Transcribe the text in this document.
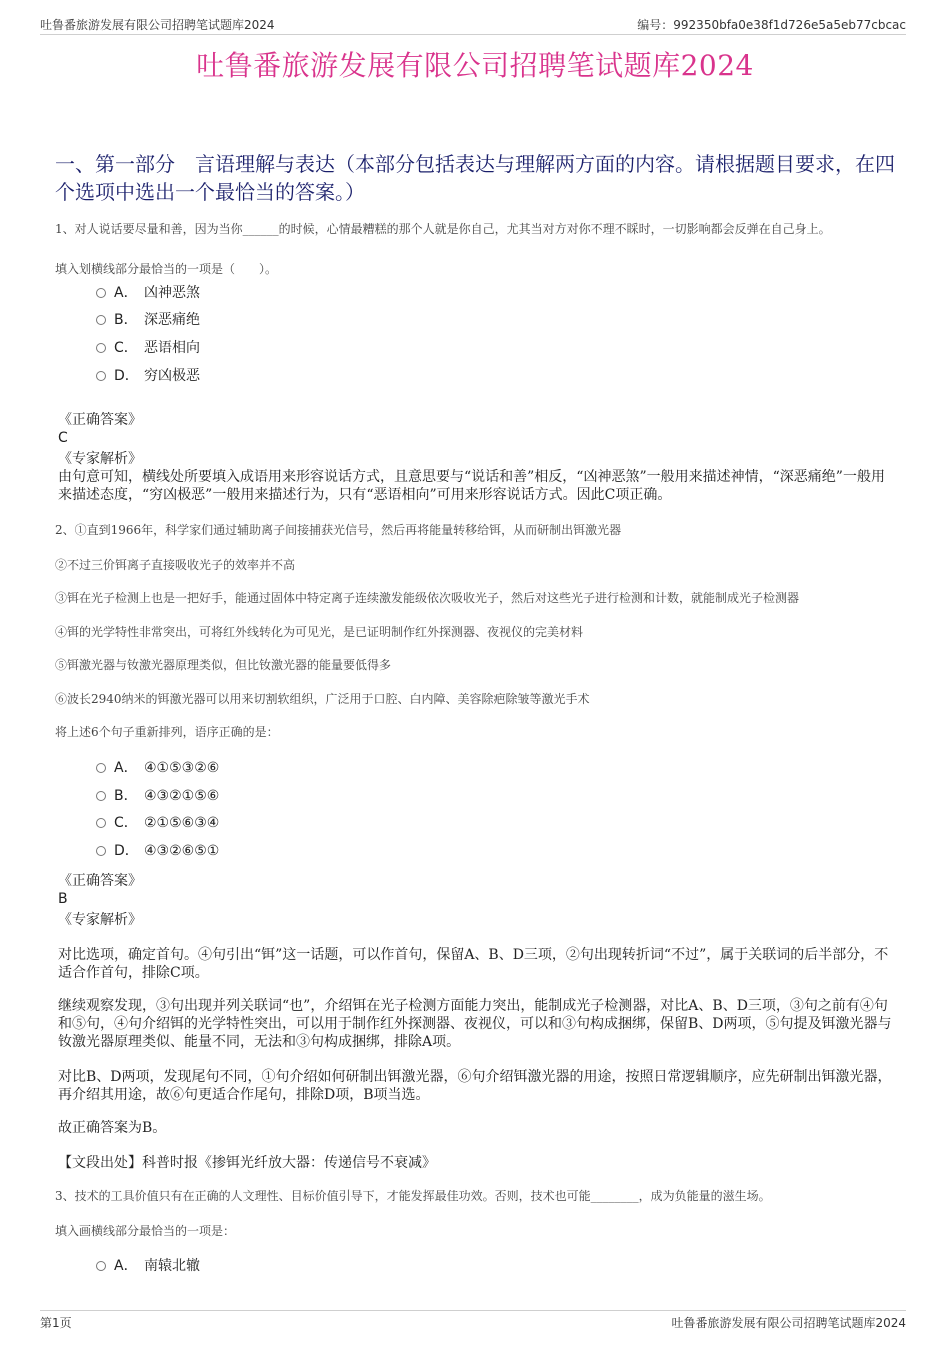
吐鲁番旅游发展有限公司招聘笔试题库2024	编号：992350bfa0e38f1d726e5a5eb77cbcac
吐鲁番旅游发展有限公司招聘笔试题库2024
一、第一部分　言语理解与表达（本部分包括表达与理解两方面的内容。请根据题目要求，在四个选项中选出一个最恰当的答案。）
1、对人说话要尽量和善，因为当你______的时候，心情最糟糕的那个人就是你自己，尤其当对方对你不理不睬时，一切影响都会反弹在自己身上。
填入划横线部分最恰当的一项是（　　）。
A． 凶神恶煞
B． 深恶痛绝
C． 恶语相向
D． 穷凶极恶
《正确答案》
C
《专家解析》
由句意可知，横线处所要填入成语用来形容说话方式，且意思要与“说话和善”相反，“凶神恶煞”一般用来描述神情，“深恶痛绝”一般用来描述态度，“穷凶极恶”一般用来描述行为，只有“恶语相向”可用来形容说话方式。因此C项正确。
2、①直到1966年，科学家们通过辅助离子间接捕获光信号，然后再将能量转移给铒，从而研制出铒激光器
②不过三价铒离子直接吸收光子的效率并不高
③铒在光子检测上也是一把好手，能通过固体中特定离子连续激发能级依次吸收光子，然后对这些光子进行检测和计数，就能制成光子检测器
④铒的光学特性非常突出，可将红外线转化为可见光，是已证明制作红外探测器、夜视仪的完美材料
⑤铒激光器与钕激光器原理类似，但比钕激光器的能量要低得多
⑥波长2940纳米的铒激光器可以用来切割软组织，广泛用于口腔、白内障、美容除疤除皱等激光手术
将上述6个句子重新排列，语序正确的是：
A． ④①⑤③②⑥
B． ④③②①⑤⑥
C． ②①⑤⑥③④
D． ④③②⑥⑤①
《正确答案》
B
《专家解析》
对比选项，确定首句。④句引出“铒”这一话题，可以作首句，保留A、B、D三项，②句出现转折词“不过”，属于关联词的后半部分，不适合作首句，排除C项。
继续观察发现，③句出现并列关联词“也”，介绍铒在光子检测方面能力突出，能制成光子检测器，对比A、B、D三项，③句之前有④句和⑤句，④句介绍铒的光学特性突出，可以用于制作红外探测器、夜视仪，可以和③句构成捆绑，保留B、D两项，⑤句提及铒激光器与钕激光器原理类似、能量不同，无法和③句构成捆绑，排除A项。
对比B、D两项，发现尾句不同，①句介绍如何研制出铒激光器，⑥句介绍铒激光器的用途，按照日常逻辑顺序，应先研制出铒激光器，再介绍其用途，故⑥句更适合作尾句，排除D项，B项当选。
故正确答案为B。
【文段出处】科普时报《掺铒光纤放大器：传递信号不衰减》
3、技术的工具价值只有在正确的人文理性、目标价值引导下，才能发挥最佳功效。否则，技术也可能________，成为负能量的滋生场。
填入画横线部分最恰当的一项是：
A． 南辕北辙
第1页	吐鲁番旅游发展有限公司招聘笔试题库2024
